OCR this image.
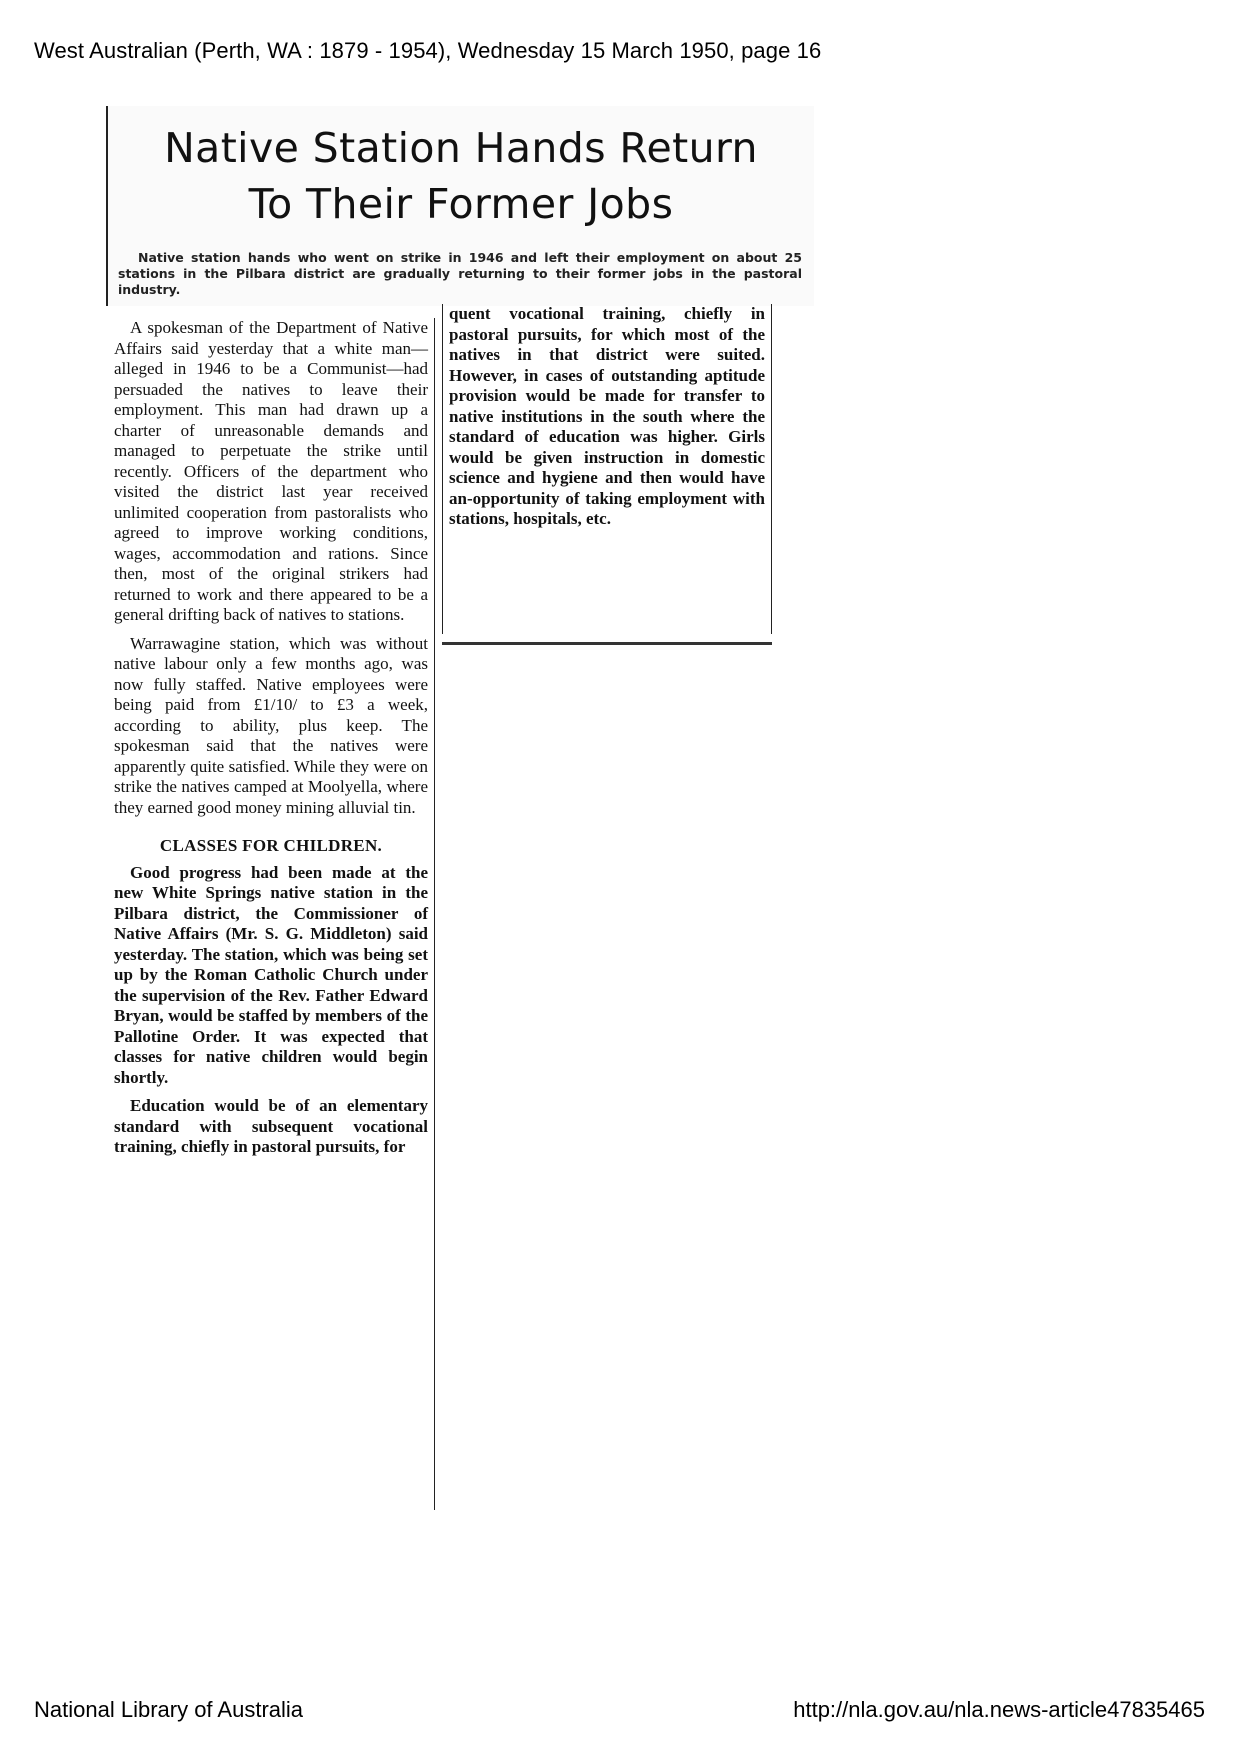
West Australian (Perth, WA : 1879 - 1954), Wednesday 15 March 1950, page 16
Native Station Hands Return
To Their Former Jobs
Native station hands who went on strike in 1946 and left their employment on about 25 stations in the Pilbara district are gradually returning to their former jobs in the pastoral industry.

A spokesman of the Department of Native Affairs said yesterday that a white man—alleged in 1946 to be a Communist—had persuaded the natives to leave their employment. This man had drawn up a charter of unreasonable demands and managed to perpetuate the strike until recently. Officers of the department who visited the district last year received unlimited cooperation from pastoralists who agreed to improve working conditions, wages, accommodation and rations. Since then, most of the original strikers had returned to work and there appeared to be a general drifting back of natives to stations.

Warrawagine station, which was without native labour only a few months ago, was now fully staffed. Native employees were being paid from £1/10/ to £3 a week, according to ability, plus keep. The spokesman said that the natives were apparently quite satisfied. While they were on strike the natives camped at Moolyella, where they earned good money mining alluvial tin.

CLASSES FOR CHILDREN.

Good progress had been made at the new White Springs native station in the Pilbara district, the Commissioner of Native Affairs (Mr. S. G. Middleton) said yesterday. The station, which was being set up by the Roman Catholic Church under the supervision of the Rev. Father Edward Bryan, would be staffed by members of the Pallotine Order. It was expected that classes for native children would begin shortly.

Education would be of an elementary standard with subsequent vocational training, chiefly in pastoral pursuits, for

quent vocational training, chiefly in pastoral pursuits, for which most of the natives in that district were suited. However, in cases of outstanding aptitude provision would be made for transfer to native institutions in the south where the standard of education was higher. Girls would be given instruction in domestic science and hygiene and then would have an-opportunity of taking employment with stations, hospitals, etc.

National Library of Australia	http://nla.gov.au/nla.news-article47835465
